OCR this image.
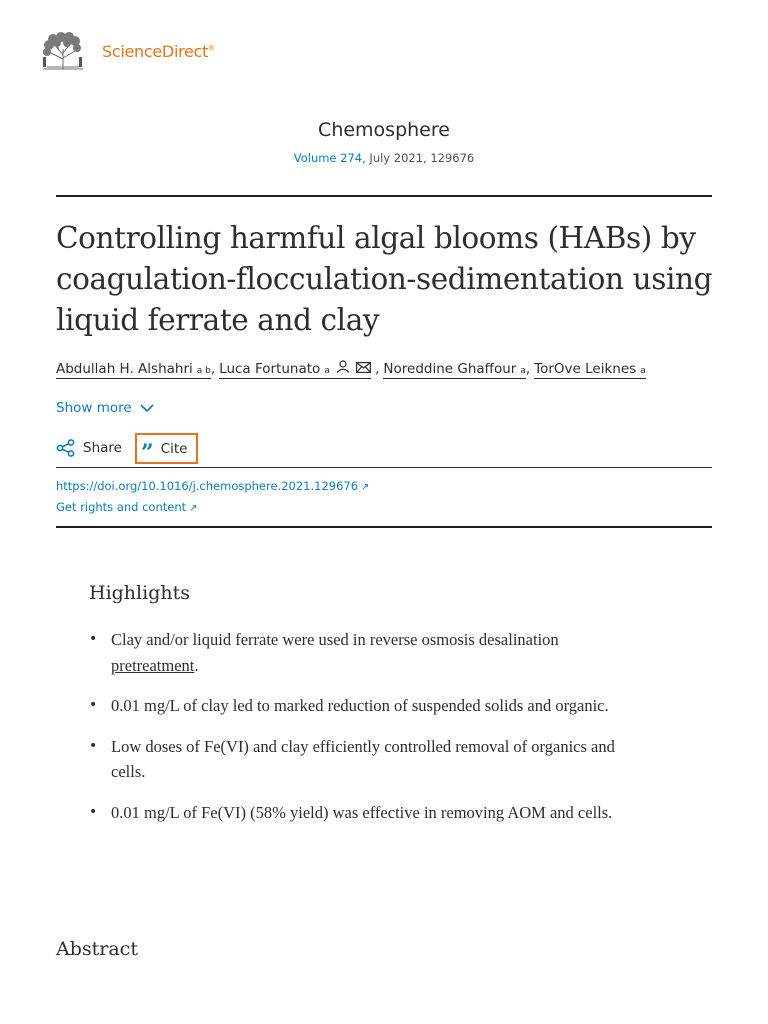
ScienceDirect®
Chemosphere
Volume 274, July 2021, 129676
Controlling harmful algal blooms (HABs) by coagulation-flocculation-sedimentation using liquid ferrate and clay
Abdullah H. Alshahri a b , Luca Fortunato a	, Noreddine Ghaffour a , TorOve Leiknes a
Show more
Share ” Cite
https://doi.org/10.1016/j.chemosphere.2021.129676 ↗
Get rights and content ↗
Highlights
• Clay and/or liquid ferrate were used in reverse osmosis desalination pretreatment.
• 0.01 mg/L of clay led to marked reduction of suspended solids and organic.
• Low doses of Fe(VI) and clay efficiently controlled removal of organics and cells.
• 0.01 mg/L of Fe(VI) (58% yield) was effective in removing AOM and cells.
Abstract
